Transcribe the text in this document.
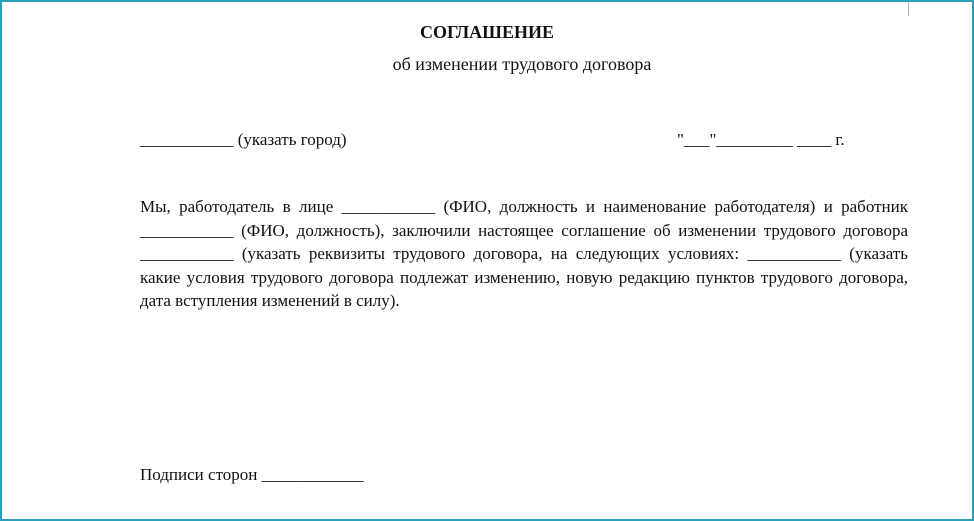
СОГЛАШЕНИЕ
об изменении трудового договора
___________ (указать город)	"___"_________ ____ г.
Мы, работодатель в лице ___________ (ФИО, должность и наименование работодателя) и работник ___________ (ФИО, должность), заключили настоящее соглашение об изменении трудового договора ___________ (указать реквизиты трудового договора, на следующих условиях: ___________ (указать какие условия трудового договора подлежат изменению, новую редакцию пунктов трудового договора, дата вступления изменений в силу).
Подписи сторон ____________
